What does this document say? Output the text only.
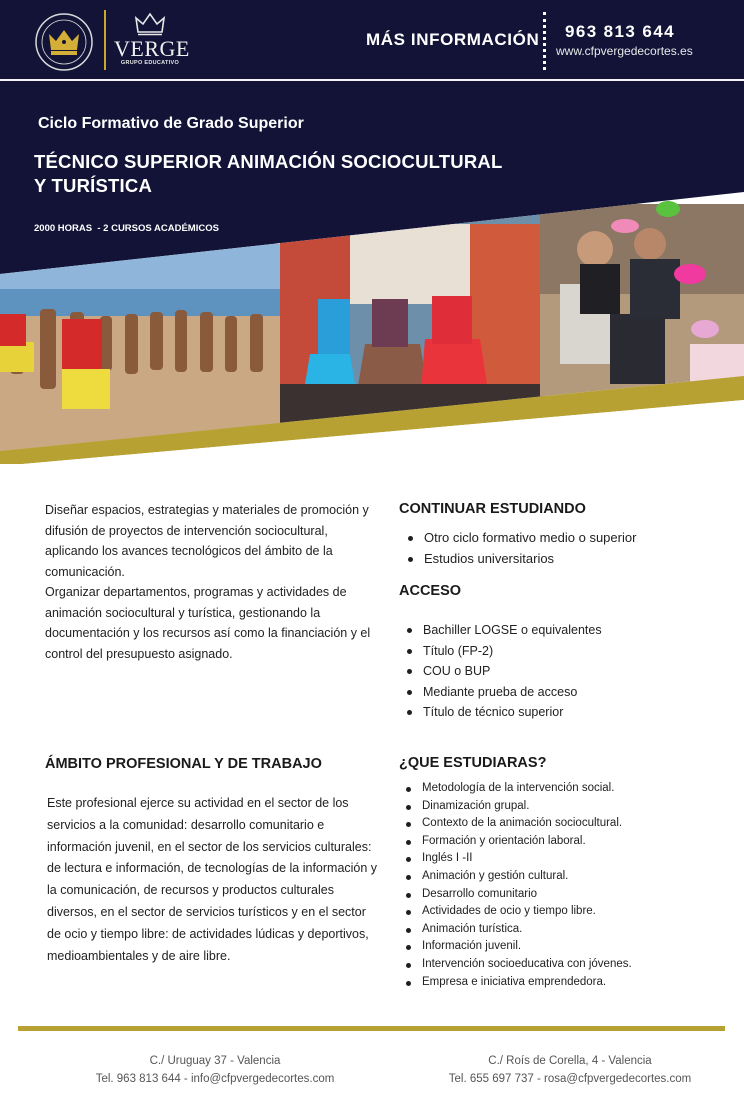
VERGE
GRUPO EDUCATIVO
MÁS INFORMACIÓN 963 813 644
www.cfpvergedecortes.es
Ciclo Formativo de Grado Superior
TÉCNICO SUPERIOR ANIMACIÓN SOCIOCULTURAL
Y TURÍSTICA
2000 HORAS  - 2 CURSOS ACADÉMICOS
Diseñar espacios, estrategias y materiales de promoción y difusión de proyectos de intervención sociocultural, aplicando los avances tecnológicos del ámbito de la comunicación.
Organizar departamentos, programas y actividades de animación sociocultural y turística, gestionando la documentación y los recursos así como la financiación y el control del presupuesto asignado.
ÁMBITO PROFESIONAL Y DE TRABAJO
Este profesional ejerce su actividad en el sector de los servicios a la comunidad: desarrollo comunitario e información juvenil, en el sector de los servicios culturales: de lectura e información, de tecnologías de la información y la comunicación, de recursos y productos culturales diversos, en el sector de servicios turísticos y en el sector de ocio y tiempo libre: de actividades lúdicas y deportivos, medioambientales y de aire libre.
CONTINUAR ESTUDIANDO
Otro ciclo formativo medio o superior
Estudios universitarios
ACCESO
Bachiller LOGSE o equivalentes
Título (FP-2)
COU o BUP
Mediante prueba de acceso
Título de técnico superior
¿QUE ESTUDIARAS?
Metodología de la intervención social.
Dinamización grupal.
Contexto de la animación sociocultural.
Formación y orientación laboral.
Inglés I -II
Animación y gestión cultural.
Desarrollo comunitario
Actividades de ocio y tiempo libre.
Animación turística.
Información juvenil.
Intervención socioeducativa con jóvenes.
Empresa e iniciativa emprendedora.
C./ Uruguay 37 - Valencia
Tel. 963 813 644 - info@cfpvergedecortes.com
C./ Roís de Corella, 4 - Valencia
Tel. 655 697 737 - rosa@cfpvergedecortes.com
